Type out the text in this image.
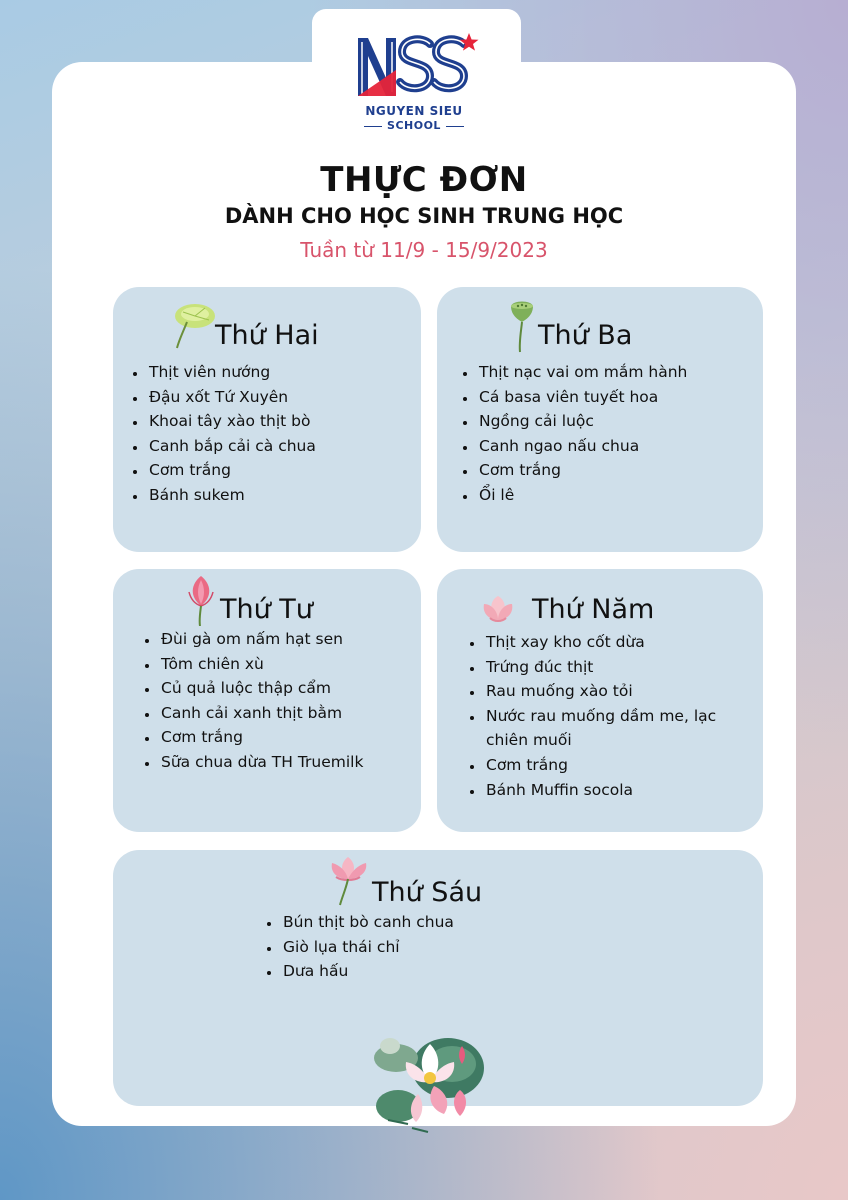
NGUYEN SIEU
SCHOOL
THỰC ĐƠN
DÀNH CHO HỌC SINH TRUNG HỌC
Tuần từ 11/9 - 15/9/2023
Thứ Hai
• Thịt viên nướng
• Đậu xốt Tứ Xuyên
• Khoai tây xào thịt bò
• Canh bắp cải cà chua
• Cơm trắng
• Bánh sukem
Thứ Ba
• Thịt nạc vai om mắm hành
• Cá basa viên tuyết hoa
• Ngồng cải luộc
• Canh ngao nấu chua
• Cơm trắng
• Ổi lê
Thứ Tư
• Đùi gà om nấm hạt sen
• Tôm chiên xù
• Củ quả luộc thập cẩm
• Canh cải xanh thịt bằm
• Cơm trắng
• Sữa chua dừa TH Truemilk
Thứ Năm
• Thịt xay kho cốt dừa
• Trứng đúc thịt
• Rau muống xào tỏi
• Nước rau muống dầm me, lạc chiên muối
• Cơm trắng
• Bánh Muffin socola
Thứ Sáu
• Bún thịt bò canh chua
• Giò lụa thái chỉ
• Dưa hấu
